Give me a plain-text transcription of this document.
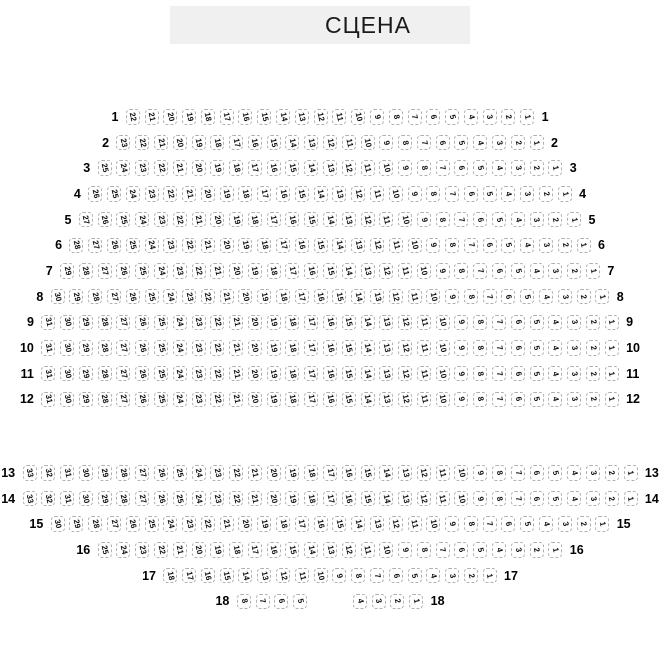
СЦЕНА
1 22 21 20 19 18 17 16 15 14 13 12 11 10 9 8 7 6 5 4 3 2 1 1
2 23 22 21 20 19 18 17 16 15 14 13 12 11 10 9 8 7 6 5 4 3 2 1 2
3 25 24 23 22 21 20 19 18 17 16 15 14 13 12 11 10 9 8 7 6 5 4 3 2 1 3
4 26 25 24 23 22 21 20 19 18 17 16 15 14 13 12 11 10 9 8 7 6 5 4 3 2 1 4
5 27 26 25 24 23 22 21 20 19 18 17 16 15 14 13 12 11 10 9 8 7 6 5 4 3 2 1 5
6 28 27 26 25 24 23 22 21 20 19 18 17 16 15 14 13 12 11 10 9 8 7 6 5 4 3 2 1 6
7 29 28 27 26 25 24 23 22 21 20 19 18 17 16 15 14 13 12 11 10 9 8 7 6 5 4 3 2 1 7
8 30 29 28 27 26 25 24 23 22 21 20 19 18 17 16 15 14 13 12 11 10 9 8 7 6 5 4 3 2 1 8
9 31 30 29 28 27 26 25 24 23 22 21 20 19 18 17 16 15 14 13 12 11 10 9 8 7 6 5 4 3 2 1 9
10 31 30 29 28 27 26 25 24 23 22 21 20 19 18 17 16 15 14 13 12 11 10 9 8 7 6 5 4 3 2 1 10
11 31 30 29 28 27 26 25 24 23 22 21 20 19 18 17 16 15 14 13 12 11 10 9 8 7 6 5 4 3 2 1 11
12 31 30 29 28 27 26 25 24 23 22 21 20 19 18 17 16 15 14 13 12 11 10 9 8 7 6 5 4 3 2 1 12
13 33 32 31 30 29 28 27 26 25 24 23 22 21 20 19 18 17 16 15 14 13 12 11 10 9 8 7 6 5 4 3 2 1 13
14 33 32 31 30 29 28 27 26 25 24 23 22 21 20 19 18 17 16 15 14 13 12 11 10 9 8 7 6 5 4 3 2 1 14
15 30 29 28 27 26 25 24 23 22 21 20 19 18 17 16 15 14 13 12 11 10 9 8 7 6 5 4 3 2 1 15
16 25 24 23 22 21 20 19 18 17 16 15 14 13 12 11 10 9 8 7 6 5 4 3 2 1 16
17 18 17 16 15 14 13 12 11 10 9 8 7 6 5 4 3 2 1 17
18 8 7 6 5	4 3 2 1 18
